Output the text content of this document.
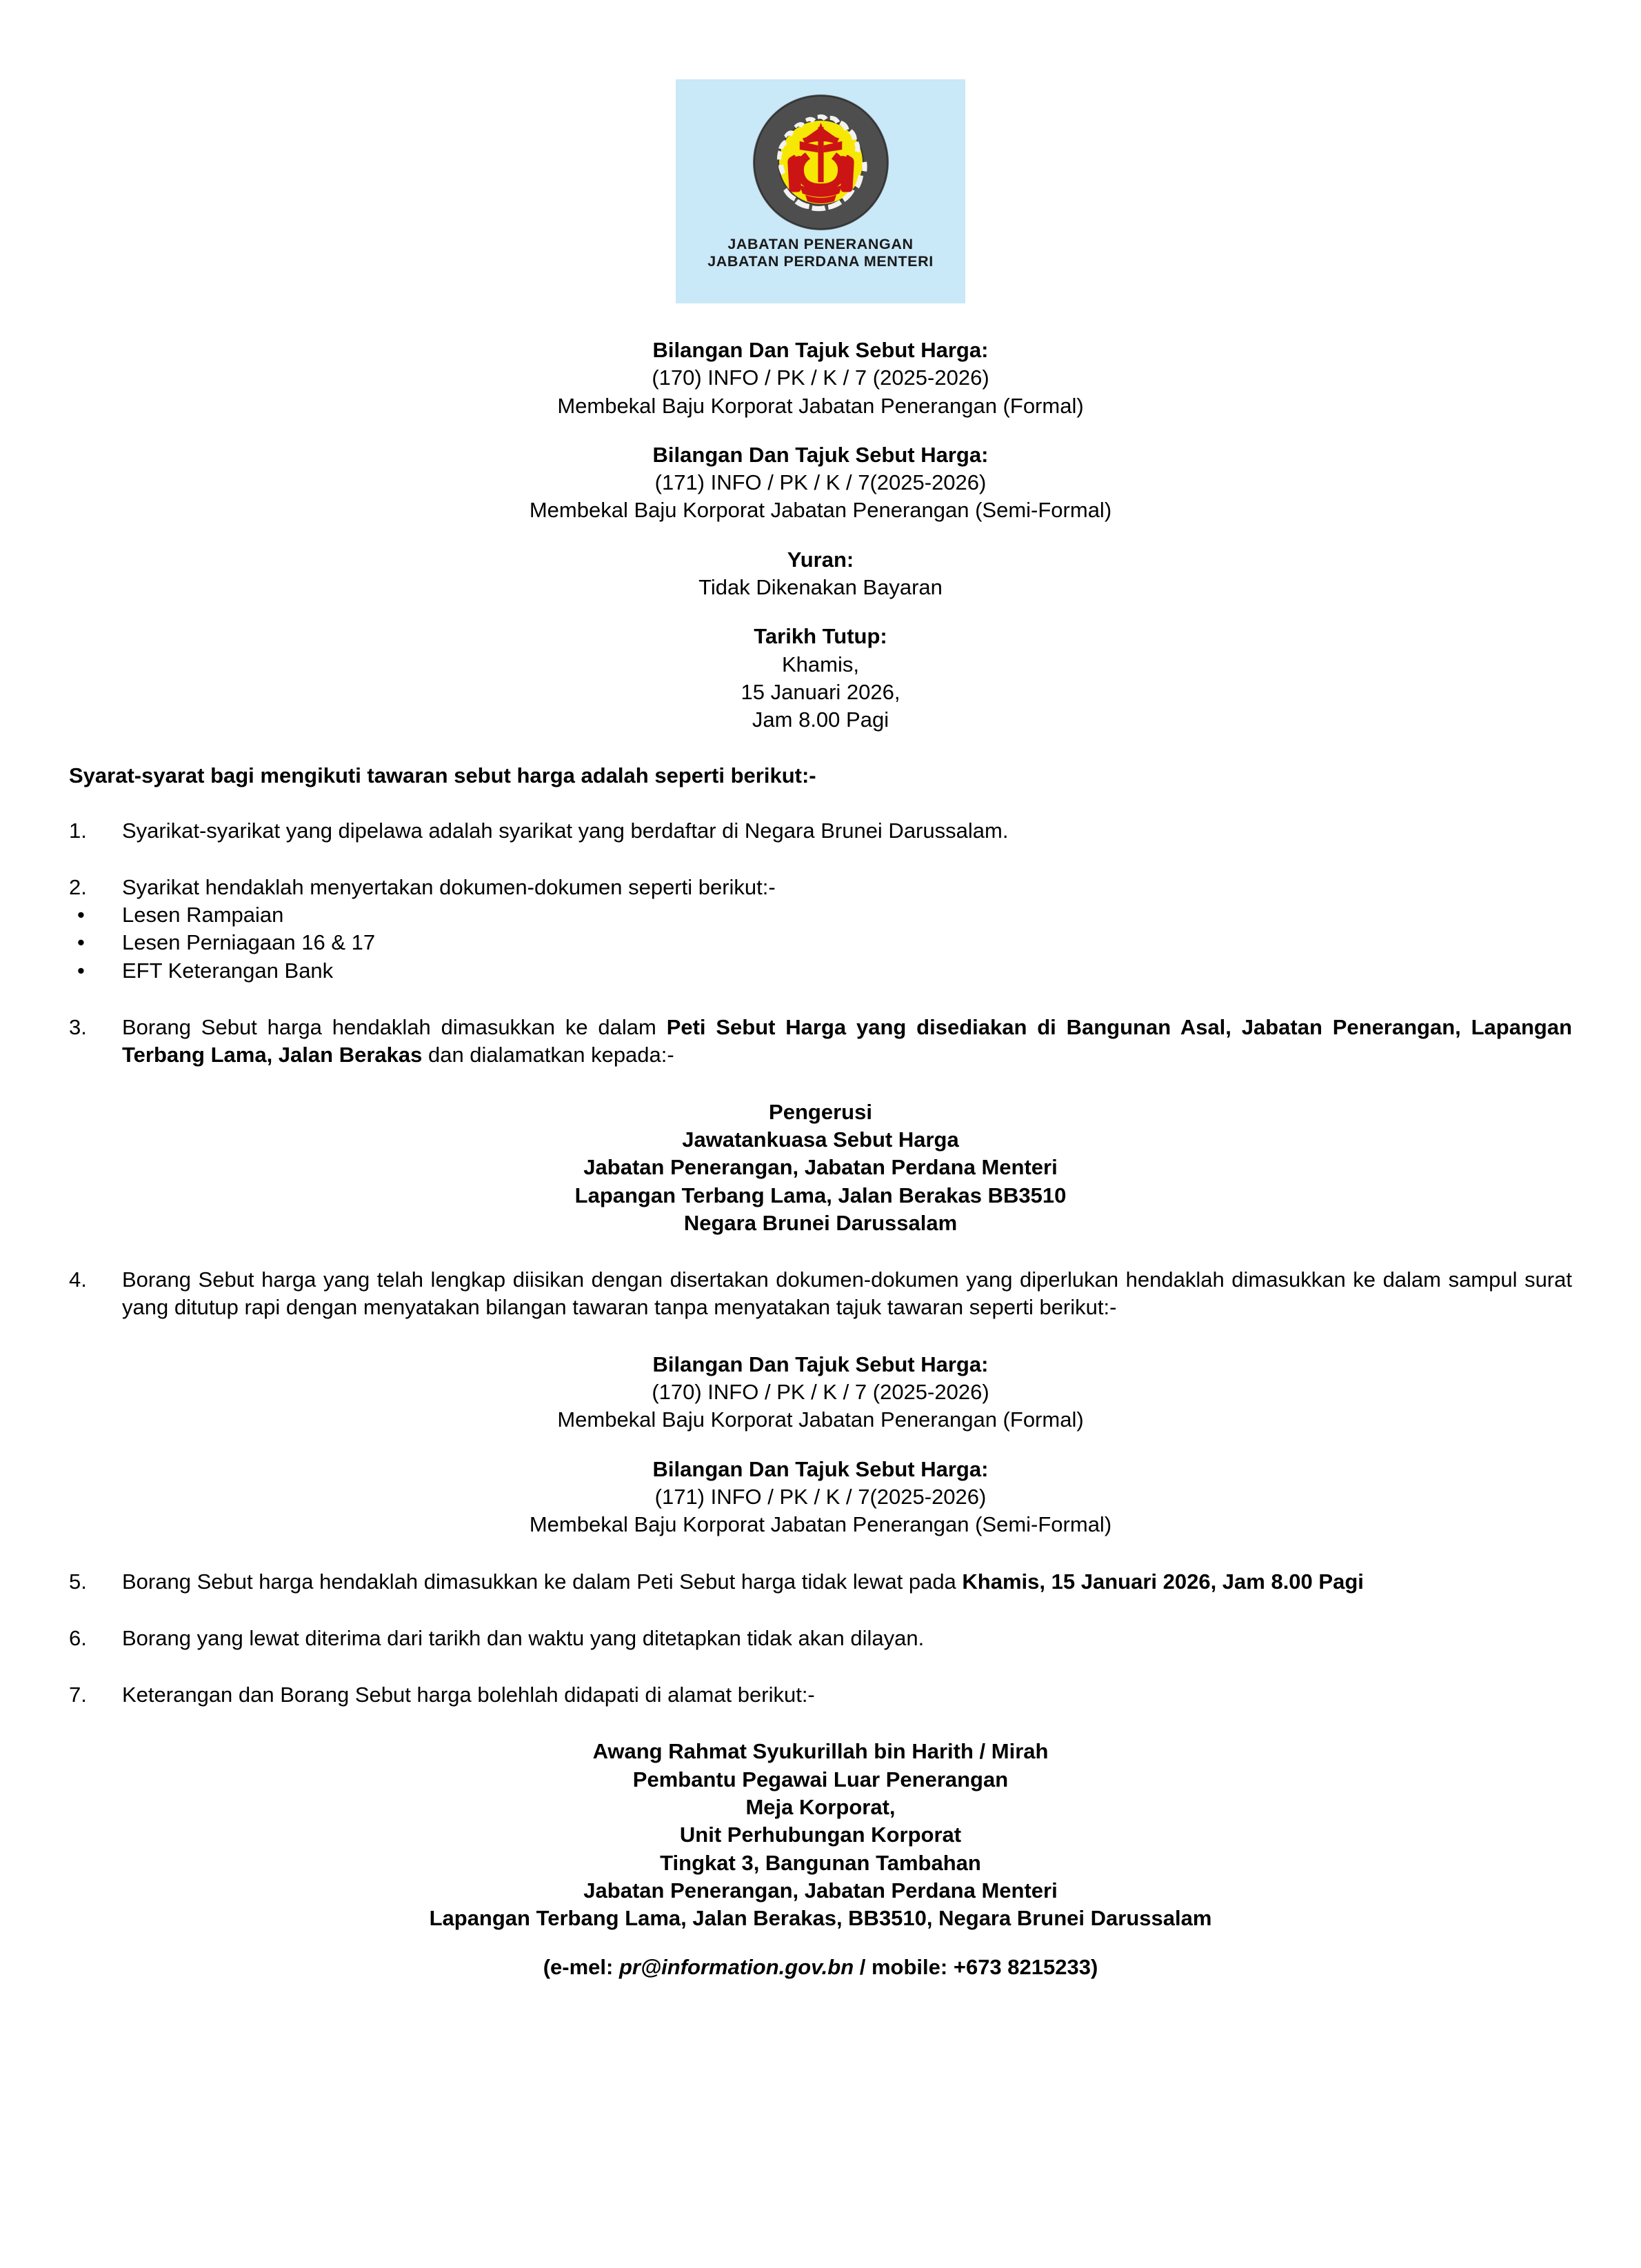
JABATAN PENERANGAN
JABATAN PERDANA MENTERI
Bilangan Dan Tajuk Sebut Harga:
(170) INFO / PK / K / 7 (2025-2026)
Membekal Baju Korporat Jabatan Penerangan (Formal)
Bilangan Dan Tajuk Sebut Harga:
(171) INFO / PK / K / 7(2025-2026)
Membekal Baju Korporat Jabatan Penerangan (Semi-Formal)
Yuran:
Tidak Dikenakan Bayaran
Tarikh Tutup:
Khamis,
15 Januari 2026,
Jam 8.00 Pagi
Syarat-syarat bagi mengikuti tawaran sebut harga adalah seperti berikut:-
1.	Syarikat-syarikat yang dipelawa adalah syarikat yang berdaftar di Negara Brunei Darussalam.
2.	Syarikat hendaklah menyertakan dokumen-dokumen seperti berikut:-
•	Lesen Rampaian
•	Lesen Perniagaan 16 & 17
•	EFT Keterangan Bank
3.	Borang Sebut harga hendaklah dimasukkan ke dalam Peti Sebut Harga yang disediakan di Bangunan Asal, Jabatan Penerangan, Lapangan Terbang Lama, Jalan Berakas dan dialamatkan kepada:-
Pengerusi
Jawatankuasa Sebut Harga
Jabatan Penerangan, Jabatan Perdana Menteri
Lapangan Terbang Lama, Jalan Berakas BB3510
Negara Brunei Darussalam
4.	Borang Sebut harga yang telah lengkap diisikan dengan disertakan dokumen-dokumen yang diperlukan hendaklah dimasukkan ke dalam sampul surat yang ditutup rapi dengan menyatakan bilangan tawaran tanpa menyatakan tajuk tawaran seperti berikut:-
Bilangan Dan Tajuk Sebut Harga:
(170) INFO / PK / K / 7 (2025-2026)
Membekal Baju Korporat Jabatan Penerangan (Formal)
Bilangan Dan Tajuk Sebut Harga:
(171) INFO / PK / K / 7(2025-2026)
Membekal Baju Korporat Jabatan Penerangan (Semi-Formal)
5.	Borang Sebut harga hendaklah dimasukkan ke dalam Peti Sebut harga tidak lewat pada Khamis, 15 Januari 2026, Jam 8.00 Pagi
6.	Borang yang lewat diterima dari tarikh dan waktu yang ditetapkan tidak akan dilayan.
7.	Keterangan dan Borang Sebut harga bolehlah didapati di alamat berikut:-
Awang Rahmat Syukurillah bin Harith / Mirah
Pembantu Pegawai Luar Penerangan
Meja Korporat,
Unit Perhubungan Korporat
Tingkat 3, Bangunan Tambahan
Jabatan Penerangan, Jabatan Perdana Menteri
Lapangan Terbang Lama, Jalan Berakas, BB3510, Negara Brunei Darussalam
(e-mel: pr@information.gov.bn / mobile: +673 8215233)
